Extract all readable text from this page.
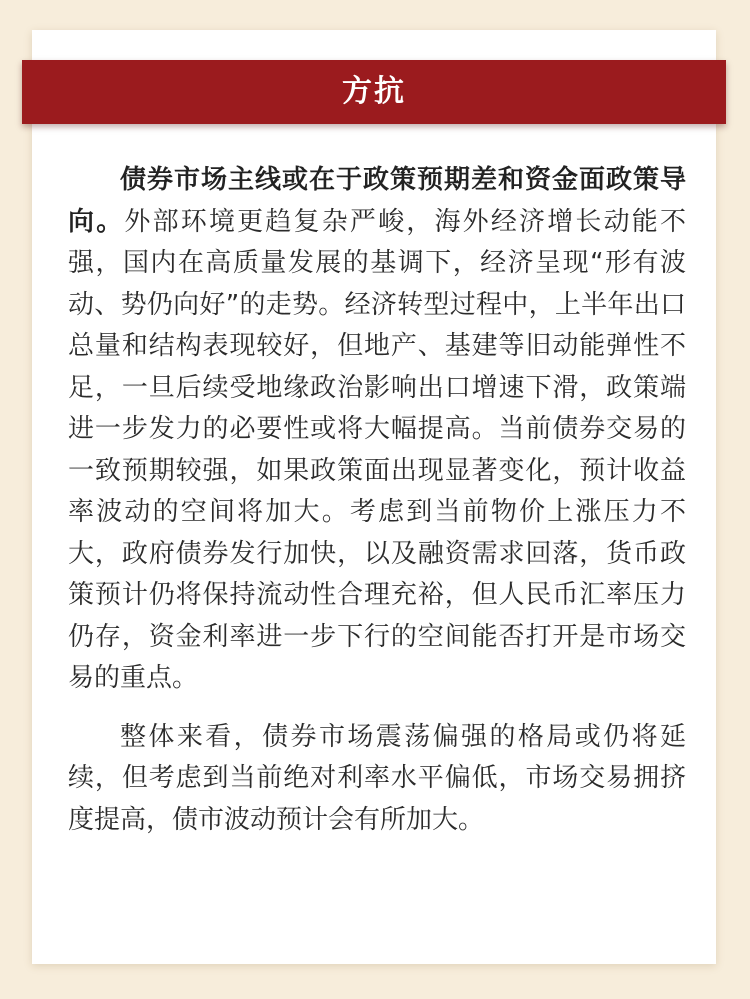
方抗

债券市场主线或在于政策预期差和资金面政策导向。外部环境更趋复杂严峻，海外经济增长动能不强，国内在高质量发展的基调下，经济呈现“形有波动、势仍向好”的走势。经济转型过程中，上半年出口总量和结构表现较好，但地产、基建等旧动能弹性不足，一旦后续受地缘政治影响出口增速下滑，政策端进一步发力的必要性或将大幅提高。当前债券交易的一致预期较强，如果政策面出现显著变化，预计收益率波动的空间将加大。考虑到当前物价上涨压力不大，政府债券发行加快，以及融资需求回落，货币政策预计仍将保持流动性合理充裕，但人民币汇率压力仍存，资金利率进一步下行的空间能否打开是市场交易的重点。

整体来看，债券市场震荡偏强的格局或仍将延续，但考虑到当前绝对利率水平偏低，市场交易拥挤度提高，债市波动预计会有所加大。
